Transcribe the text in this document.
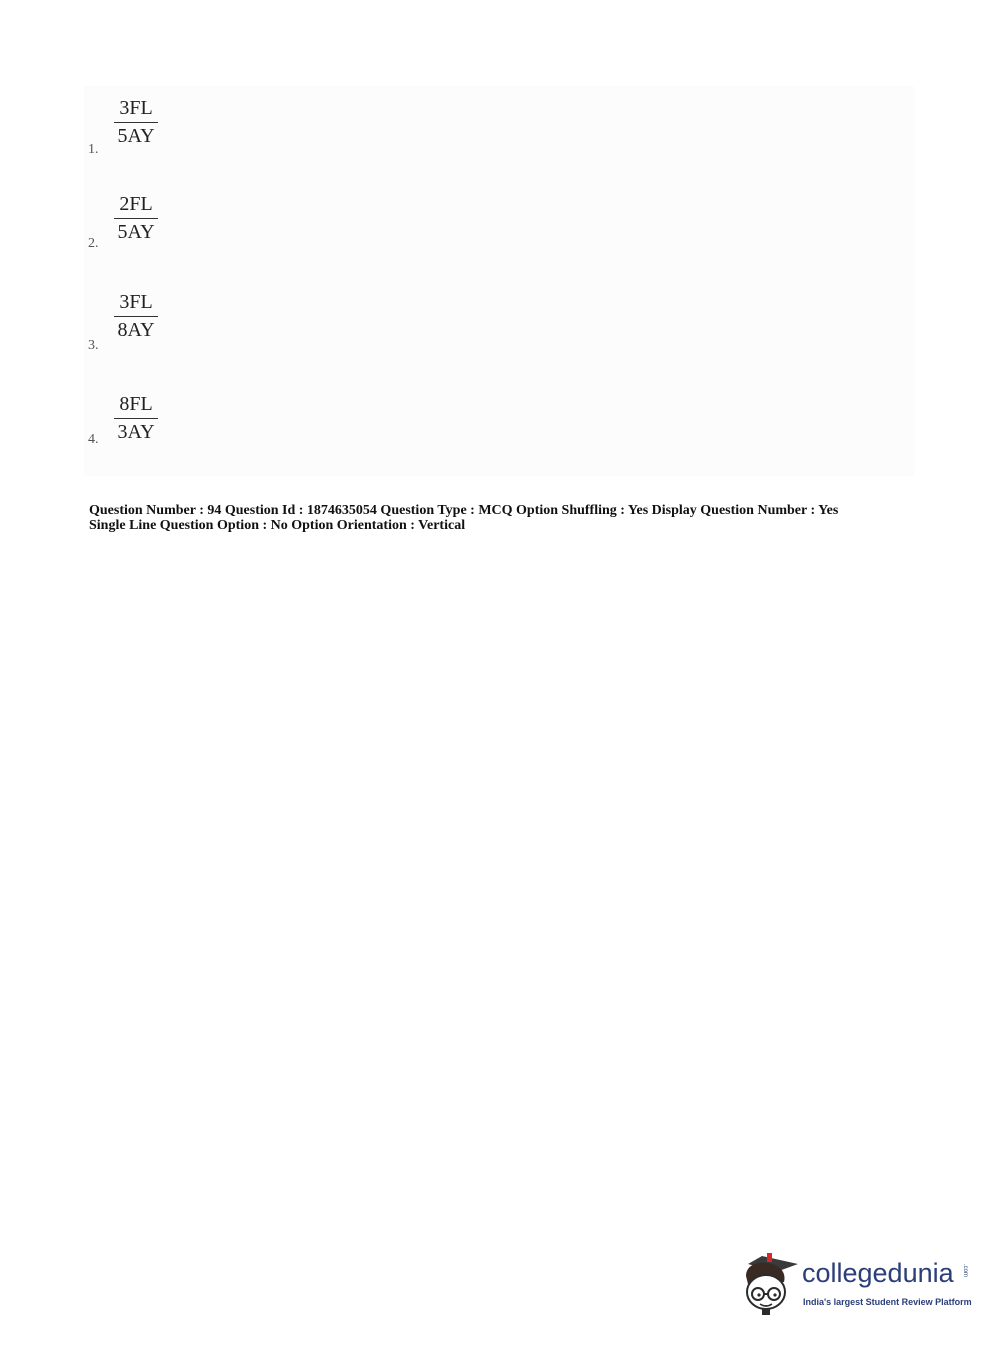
1.
3FL
5AY
2.
2FL
5AY
3.
3FL
8AY
4.
8FL
3AY
Question Number : 94 Question Id : 1874635054 Question Type : MCQ Option Shuffling : Yes Display Question Number : Yes
Single Line Question Option : No Option Orientation : Vertical
collegedunia .com
India's largest Student Review Platform
